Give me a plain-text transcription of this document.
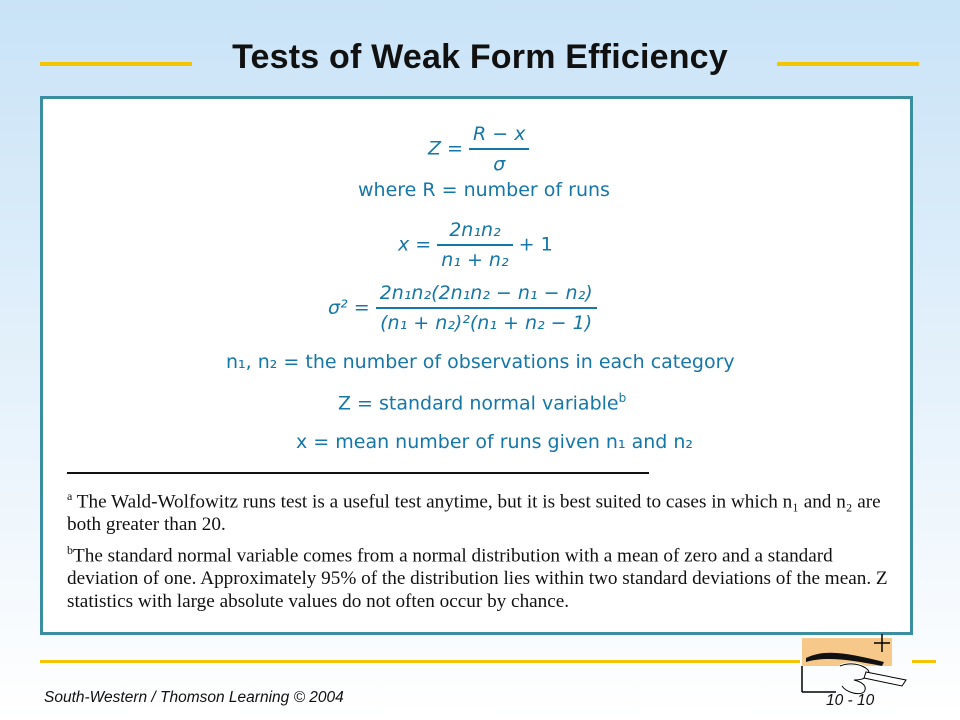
Tests of Weak Form Efficiency
$Z = \frac{R - x}{\sigma}$
where R = number of runs
$x = \frac{\text{2n₁n₂}}{\text{n₁ + n₂}} + 1$
$\sigma^2 = \frac{\text{2n₁n₂(2n₁n₂ − n₁ − n₂)}}{\text{(n₁ + n₂)²(n₁ + n₂ − 1)}}$
n₁, n₂ = the number of observations in each category
Z = standard normal variable$^b$
x = mean number of runs given n₁ and n₂
$^a$ The Wald-Wolfowitz runs test is a useful test anytime, but it is best suited to cases in which n₁ and n₂ are both greater than 20.
$^b$The standard normal variable comes from a normal distribution with a mean of zero and a standard deviation of one. Approximately 95% of the distribution lies within two standard deviations of the mean. Z statistics with large absolute values do not often occur by chance.
South-Western / Thomson Learning © 2004	10 - 10
